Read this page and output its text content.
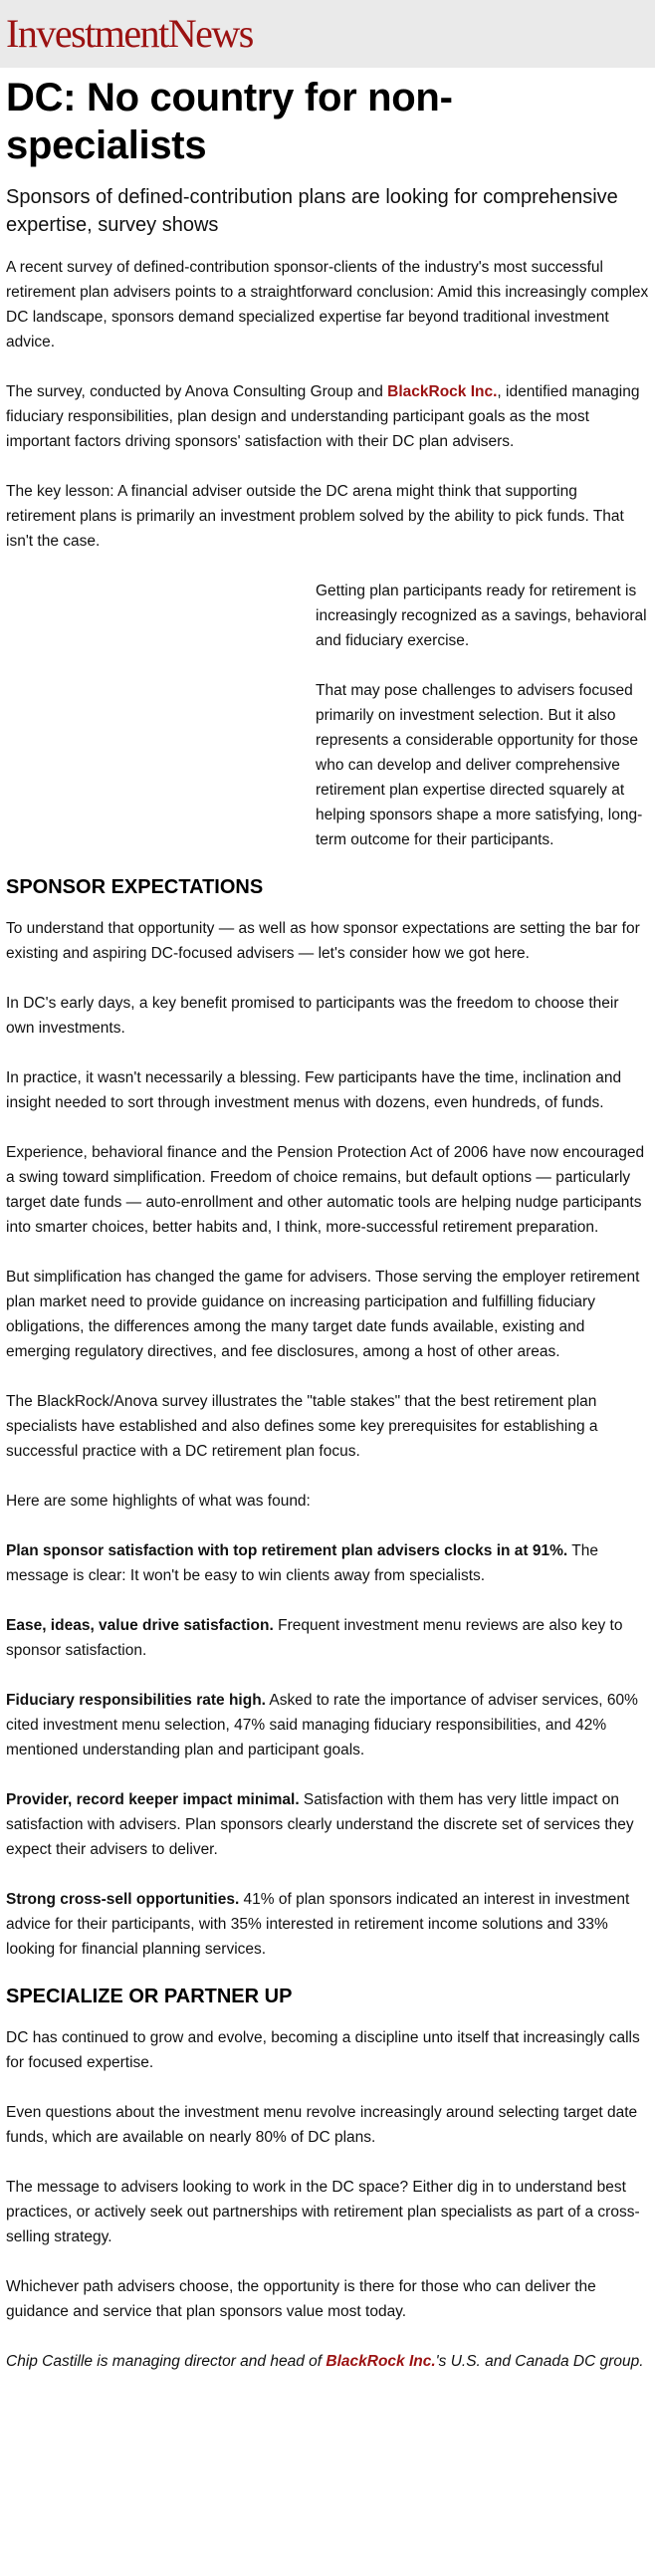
InvestmentNews
DC: No country for non-specialists

Sponsors of defined-contribution plans are looking for comprehensive expertise, survey shows

A recent survey of defined-contribution sponsor-clients of the industry's most successful retirement plan advisers points to a straightforward conclusion: Amid this increasingly complex DC landscape, sponsors demand specialized expertise far beyond traditional investment advice.

The survey, conducted by Anova Consulting Group and BlackRock Inc., identified managing fiduciary responsibilities, plan design and understanding participant goals as the most important factors driving sponsors' satisfaction with their DC plan advisers.

The key lesson: A financial adviser outside the DC arena might think that supporting retirement plans is primarily an investment problem solved by the ability to pick funds. That isn't the case.

Getting plan participants ready for retirement is increasingly recognized as a savings, behavioral and fiduciary exercise.

That may pose challenges to advisers focused primarily on investment selection. But it also represents a considerable opportunity for those who can develop and deliver comprehensive retirement plan expertise directed squarely at helping sponsors shape a more satisfying, long-term outcome for their participants.

SPONSOR EXPECTATIONS

To understand that opportunity — as well as how sponsor expectations are setting the bar for existing and aspiring DC-focused advisers — let's consider how we got here.

In DC's early days, a key benefit promised to participants was the freedom to choose their own investments.

In practice, it wasn't necessarily a blessing. Few participants have the time, inclination and insight needed to sort through investment menus with dozens, even hundreds, of funds.

Experience, behavioral finance and the Pension Protection Act of 2006 have now encouraged a swing toward simplification. Freedom of choice remains, but default options — particularly target date funds — auto-enrollment and other automatic tools are helping nudge participants into smarter choices, better habits and, I think, more-successful retirement preparation.

But simplification has changed the game for advisers. Those serving the employer retirement plan market need to provide guidance on increasing participation and fulfilling fiduciary obligations, the differences among the many target date funds available, existing and emerging regulatory directives, and fee disclosures, among a host of other areas.

The BlackRock/Anova survey illustrates the "table stakes" that the best retirement plan specialists have established and also defines some key prerequisites for establishing a successful practice with a DC retirement plan focus.

Here are some highlights of what was found:

Plan sponsor satisfaction with top retirement plan advisers clocks in at 91%. The message is clear: It won't be easy to win clients away from specialists.

Ease, ideas, value drive satisfaction. Frequent investment menu reviews are also key to sponsor satisfaction.

Fiduciary responsibilities rate high. Asked to rate the importance of adviser services, 60% cited investment menu selection, 47% said managing fiduciary responsibilities, and 42% mentioned understanding plan and participant goals.

Provider, record keeper impact minimal. Satisfaction with them has very little impact on satisfaction with advisers. Plan sponsors clearly understand the discrete set of services they expect their advisers to deliver.

Strong cross-sell opportunities. 41% of plan sponsors indicated an interest in investment advice for their participants, with 35% interested in retirement income solutions and 33% looking for financial planning services.

SPECIALIZE OR PARTNER UP

DC has continued to grow and evolve, becoming a discipline unto itself that increasingly calls for focused expertise.

Even questions about the investment menu revolve increasingly around selecting target date funds, which are available on nearly 80% of DC plans.

The message to advisers looking to work in the DC space? Either dig in to understand best practices, or actively seek out partnerships with retirement plan specialists as part of a cross-selling strategy.

Whichever path advisers choose, the opportunity is there for those who can deliver the guidance and service that plan sponsors value most today.

Chip Castille is managing director and head of BlackRock Inc.'s U.S. and Canada DC group.
